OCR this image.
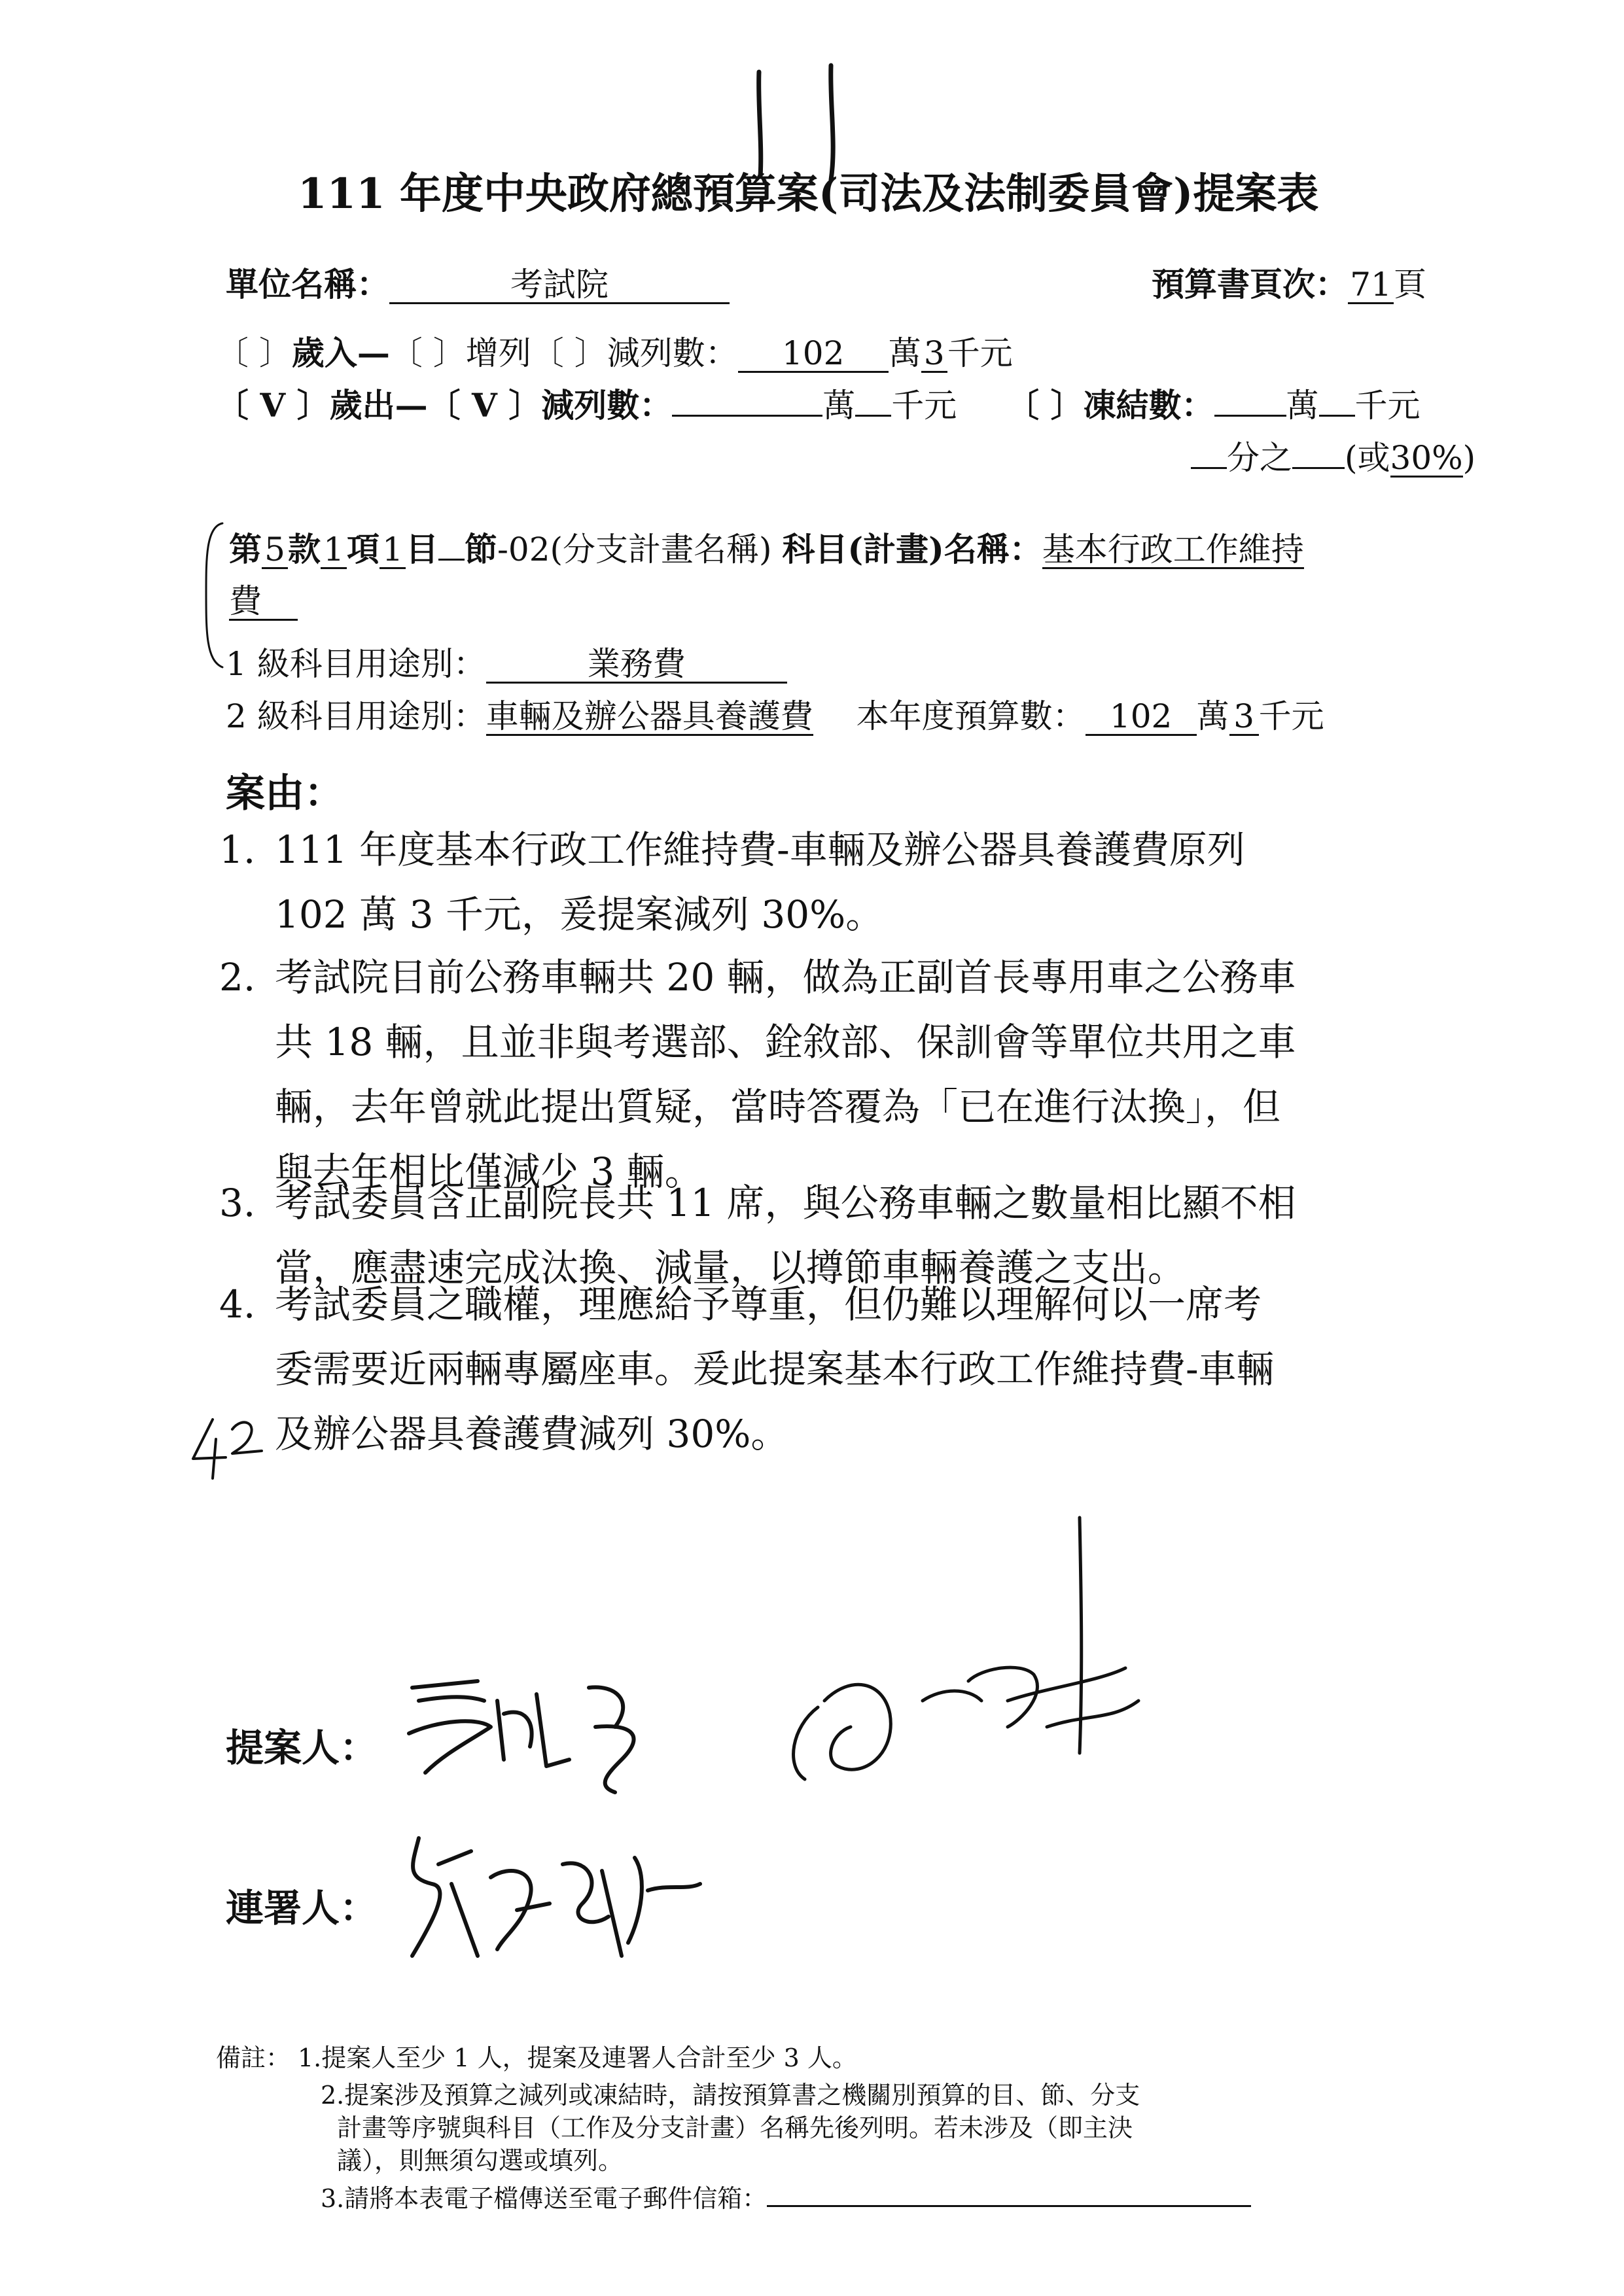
111 年度中央政府總預算案(司法及法制委員會)提案表
單位名稱：	考試院	預算書頁次：71頁
〔 〕歲入—〔 〕增列〔 〕減列數： 102 萬3千元
〔 V 〕歲出—〔 V 〕減列數：	萬 千元 〔 〕凍結數： 萬 千元
分之 (或30%)
第5款1項1目 節-02(分支計畫名稱) 科目(計畫)名稱：基本行政工作維持
費
1 級科目用途別：	業務費
2 級科目用途別：車輛及辦公器具養護費 本年度預算數： 102 萬 3 千元
案由：
1. 111 年度基本行政工作維持費-車輛及辦公器具養護費原列
102 萬 3 千元，爰提案減列 30%。
2. 考試院目前公務車輛共 20 輛，做為正副首長專用車之公務車
共 18 輛，且並非與考選部、銓敘部、保訓會等單位共用之車
輛，去年曾就此提出質疑，當時答覆為「已在進行汰換」，但
與去年相比僅減少 3 輛。
3. 考試委員含正副院長共 11 席，與公務車輛之數量相比顯不相
當，應盡速完成汰換、減量，以撙節車輛養護之支出。
4. 考試委員之職權，理應給予尊重，但仍難以理解何以一席考
委需要近兩輛專屬座車。爰此提案基本行政工作維持費-車輛
及辦公器具養護費減列 30%。
提案人：
連署人：
備註： 1.提案人至少 1 人，提案及連署人合計至少 3 人。
2.提案涉及預算之減列或凍結時，請按預算書之機關別預算的目、節、分支
計畫等序號與科目（工作及分支計畫）名稱先後列明。若未涉及（即主決
議），則無須勾選或填列。
3.請將本表電子檔傳送至電子郵件信箱：
